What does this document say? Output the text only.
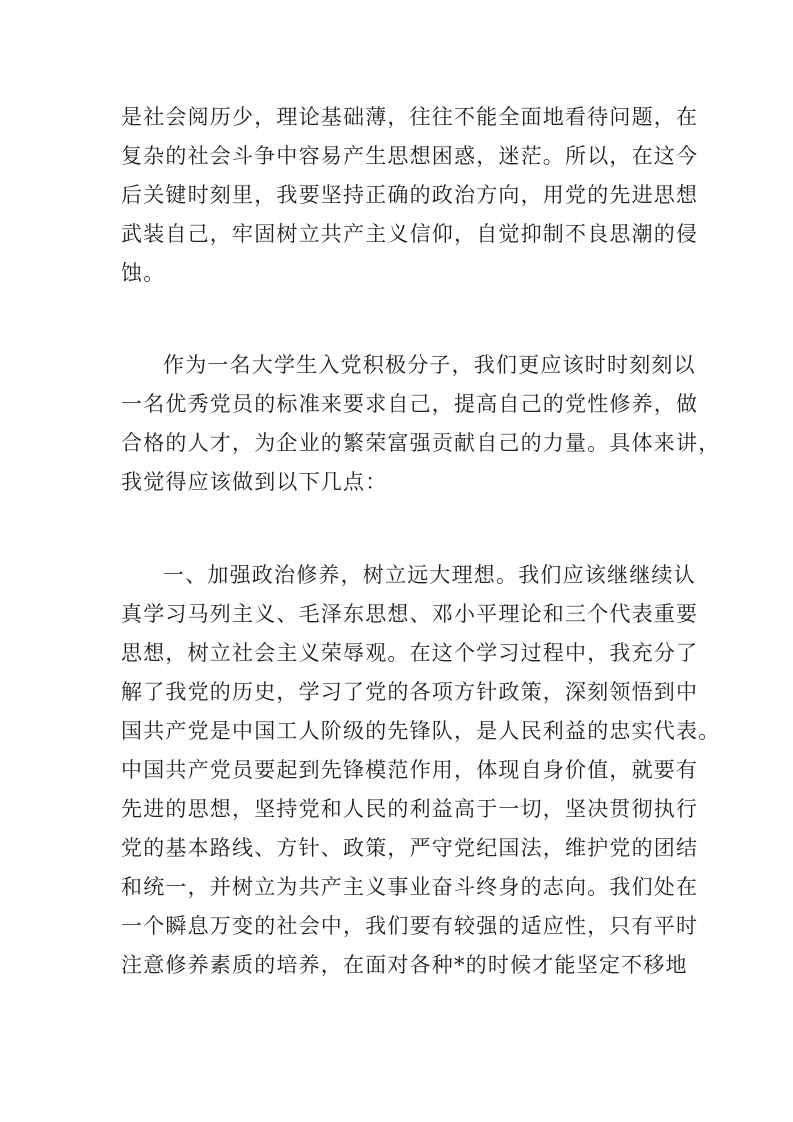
是社会阅历少，理论基础薄，往往不能全面地看待问题，在
复杂的社会斗争中容易产生思想困惑，迷茫。所以，在这今
后关键时刻里，我要坚持正确的政治方向，用党的先进思想
武装自己，牢固树立共产主义信仰，自觉抑制不良思潮的侵
蚀。
作为一名大学生入党积极分子，我们更应该时时刻刻以
一名优秀党员的标准来要求自己，提高自己的党性修养，做
合格的人才，为企业的繁荣富强贡献自己的力量。具体来讲，
我觉得应该做到以下几点：
一、加强政治修养，树立远大理想。我们应该继继续认
真学习马列主义、毛泽东思想、邓小平理论和三个代表重要
思想，树立社会主义荣辱观。在这个学习过程中，我充分了
解了我党的历史，学习了党的各项方针政策，深刻领悟到中
国共产党是中国工人阶级的先锋队，是人民利益的忠实代表。
中国共产党员要起到先锋模范作用，体现自身价值，就要有
先进的思想，坚持党和人民的利益高于一切，坚决贯彻执行
党的基本路线、方针、政策，严守党纪国法，维护党的团结
和统一，并树立为共产主义事业奋斗终身的志向。我们处在
一个瞬息万变的社会中，我们要有较强的适应性，只有平时
注意修养素质的培养，在面对各种*的时候才能坚定不移地
